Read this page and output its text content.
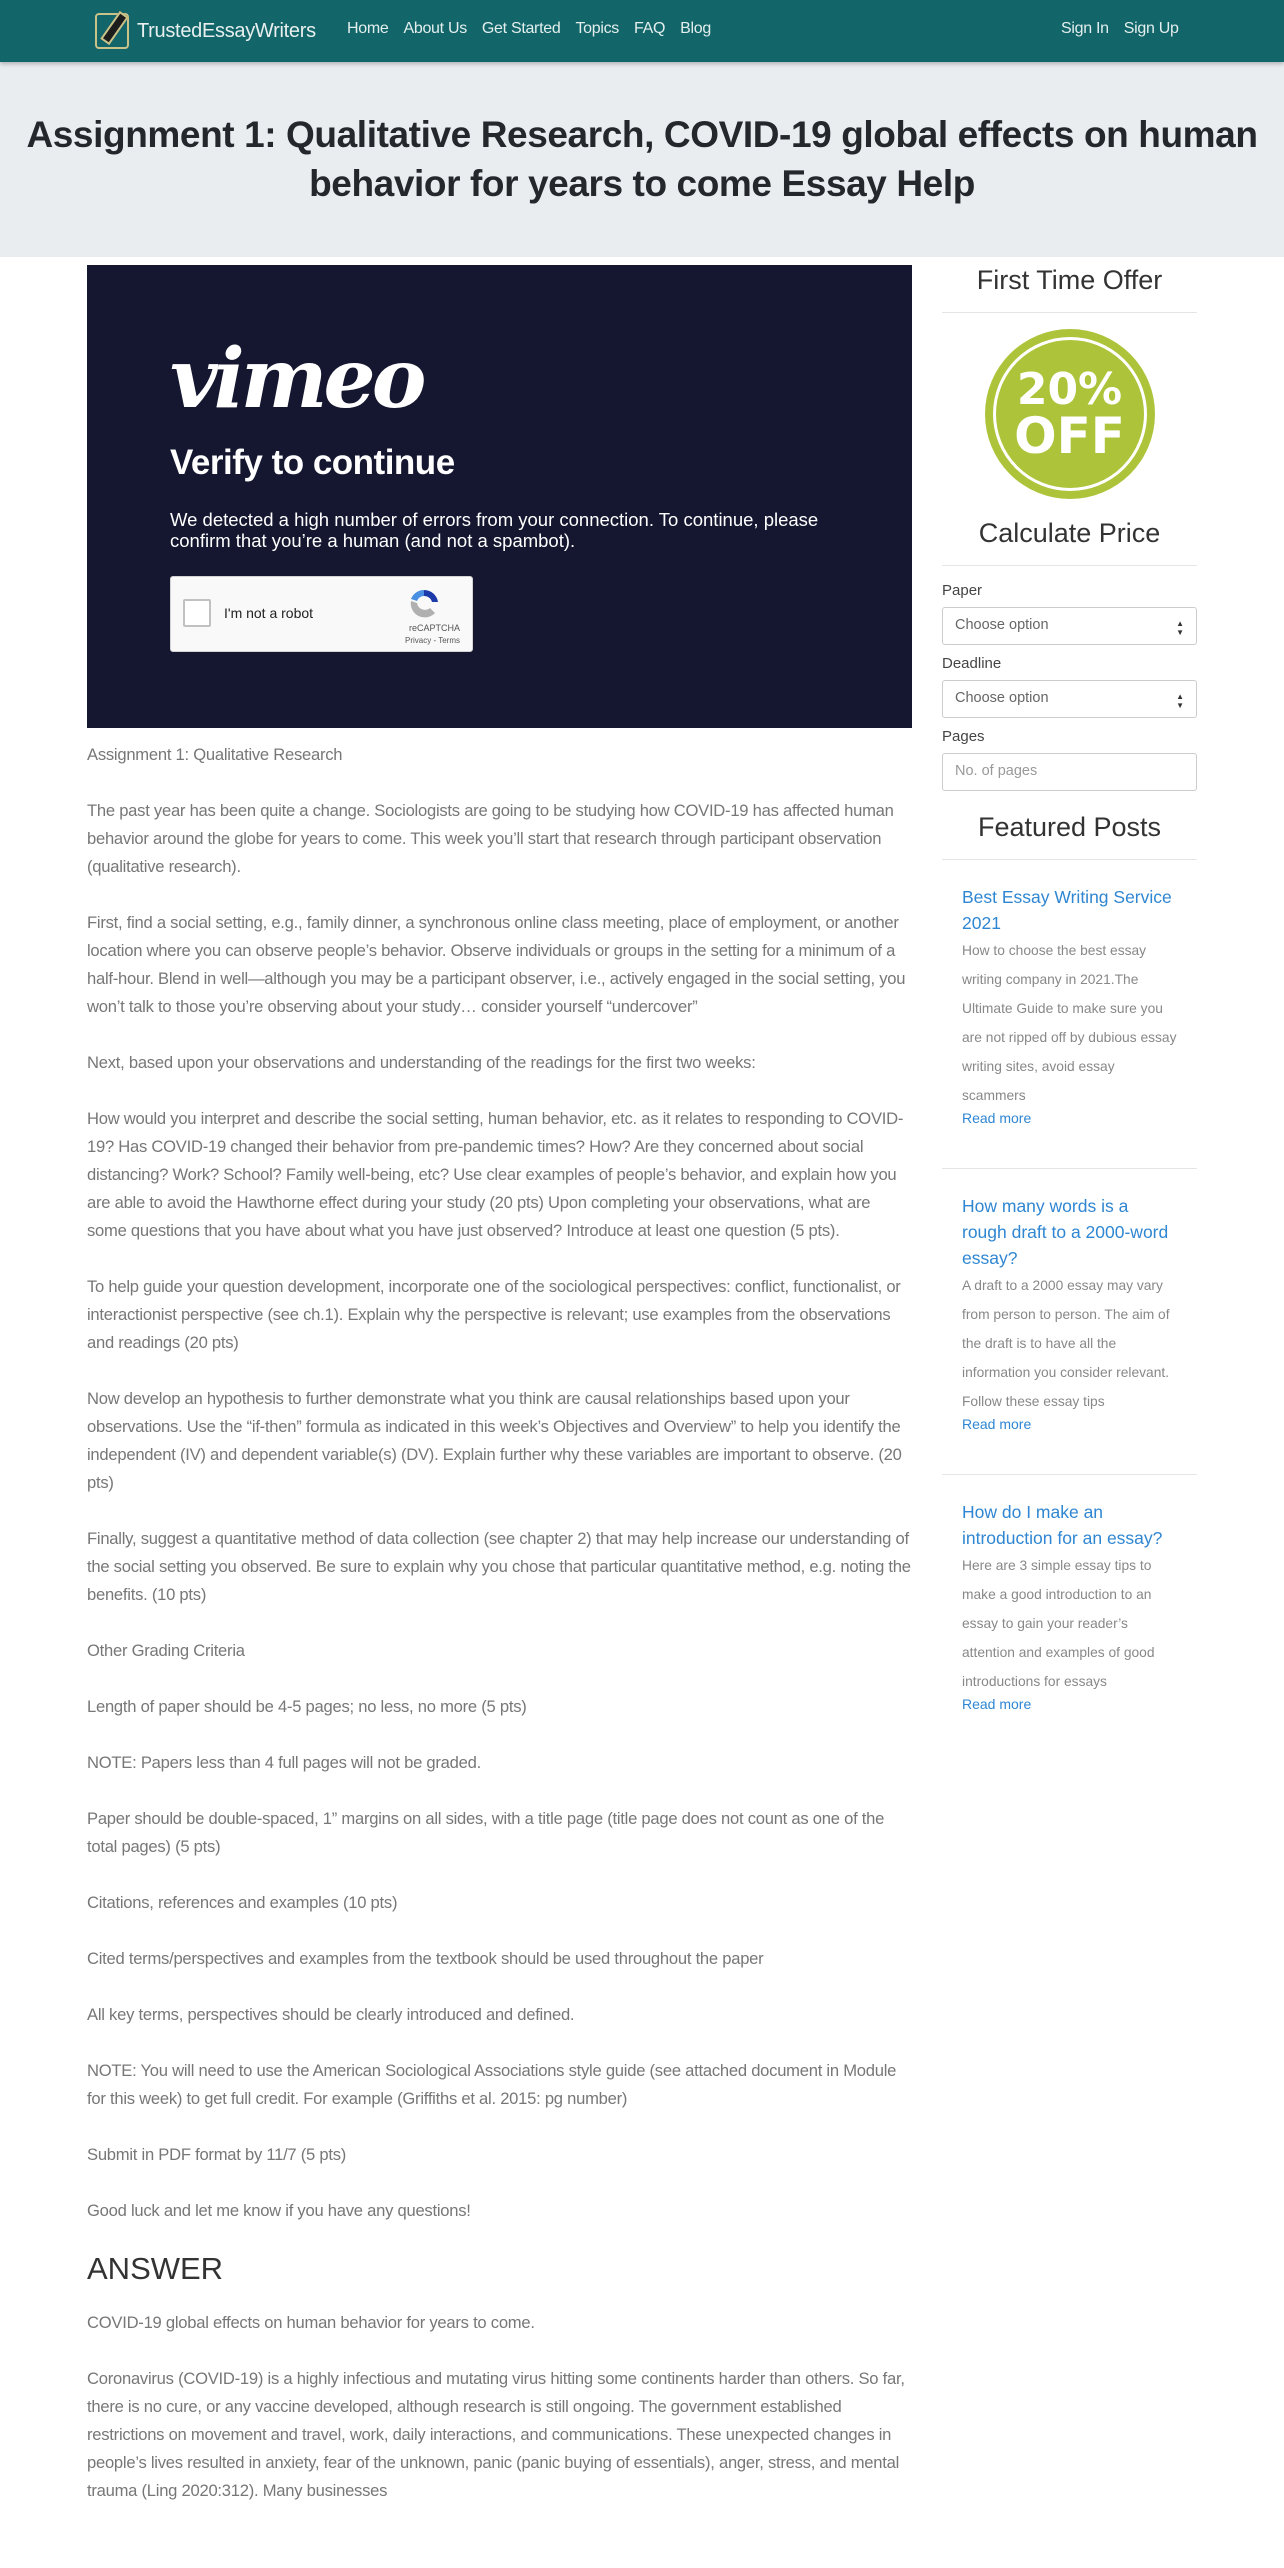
TrustedEssayWriters Home About Us Get Started Topics FAQ Blog	Sign In Sign Up
Assignment 1: Qualitative Research, COVID-19 global effects on human behavior for years to come Essay Help
vimeo
Verify to continue
We detected a high number of errors from your connection. To continue, please confirm that you’re a human (and not a spambot).
I'm not a robot
reCAPTCHA
Privacy - Terms

Assignment 1: Qualitative Research

The past year has been quite a change. Sociologists are going to be studying how COVID-19 has affected human behavior around the globe for years to come. This week you’ll start that research through participant observation (qualitative research).

First, find a social setting, e.g., family dinner, a synchronous online class meeting, place of employment, or another location where you can observe people’s behavior. Observe individuals or groups in the setting for a minimum of a half-hour. Blend in well—although you may be a participant observer, i.e., actively engaged in the social setting, you won’t talk to those you’re observing about your study… consider yourself “undercover”

Next, based upon your observations and understanding of the readings for the first two weeks:

How would you interpret and describe the social setting, human behavior, etc. as it relates to responding to COVID-19? Has COVID-19 changed their behavior from pre-pandemic times? How? Are they concerned about social distancing? Work? School? Family well-being, etc? Use clear examples of people’s behavior, and explain how you are able to avoid the Hawthorne effect during your study (20 pts) Upon completing your observations, what are some questions that you have about what you have just observed? Introduce at least one question (5 pts).

To help guide your question development, incorporate one of the sociological perspectives: conflict, functionalist, or interactionist perspective (see ch.1). Explain why the perspective is relevant; use examples from the observations and readings (20 pts)

Now develop an hypothesis to further demonstrate what you think are causal relationships based upon your observations. Use the “if-then” formula as indicated in this week’s Objectives and Overview” to help you identify the independent (IV) and dependent variable(s) (DV). Explain further why these variables are important to observe. (20 pts)

Finally, suggest a quantitative method of data collection (see chapter 2) that may help increase our understanding of the social setting you observed. Be sure to explain why you chose that particular quantitative method, e.g. noting the benefits. (10 pts)

Other Grading Criteria

Length of paper should be 4-5 pages; no less, no more (5 pts)

NOTE: Papers less than 4 full pages will not be graded.

Paper should be double-spaced, 1” margins on all sides, with a title page (title page does not count as one of the total pages) (5 pts)

Citations, references and examples (10 pts)

Cited terms/perspectives and examples from the textbook should be used throughout the paper

All key terms, perspectives should be clearly introduced and defined.

NOTE: You will need to use the American Sociological Associations style guide (see attached document in Module for this week) to get full credit. For example (Griffiths et al. 2015: pg number)

Submit in PDF format by 11/7 (5 pts)

Good luck and let me know if you have any questions!

ANSWER

COVID-19 global effects on human behavior for years to come.

Coronavirus (COVID-19) is a highly infectious and mutating virus hitting some continents harder than others. So far, there is no cure, or any vaccine developed, although research is still ongoing. The government established restrictions on movement and travel, work, daily interactions, and communications. These unexpected changes in people’s lives resulted in anxiety, fear of the unknown, panic (panic buying of essentials), anger, stress, and mental trauma (Ling 2020:312). Many businesses

First Time Offer
20%
OFF
Calculate Price
Paper
Choose option	▲
▼
Deadline
Choose option	▲
▼
Pages
No. of pages
Featured Posts
Best Essay Writing Service 2021
How to choose the best essay writing company in 2021.The Ultimate Guide to make sure you are not ripped off by dubious essay writing sites, avoid essay scammers
Read more
How many words is a rough draft to a 2000-word essay?
A draft to a 2000 essay may vary from person to person. The aim of the draft is to have all the information you consider relevant. Follow these essay tips
Read more
How do I make an introduction for an essay?
Here are 3 simple essay tips to make a good introduction to an essay to gain your reader’s attention and examples of good introductions for essays
Read more
